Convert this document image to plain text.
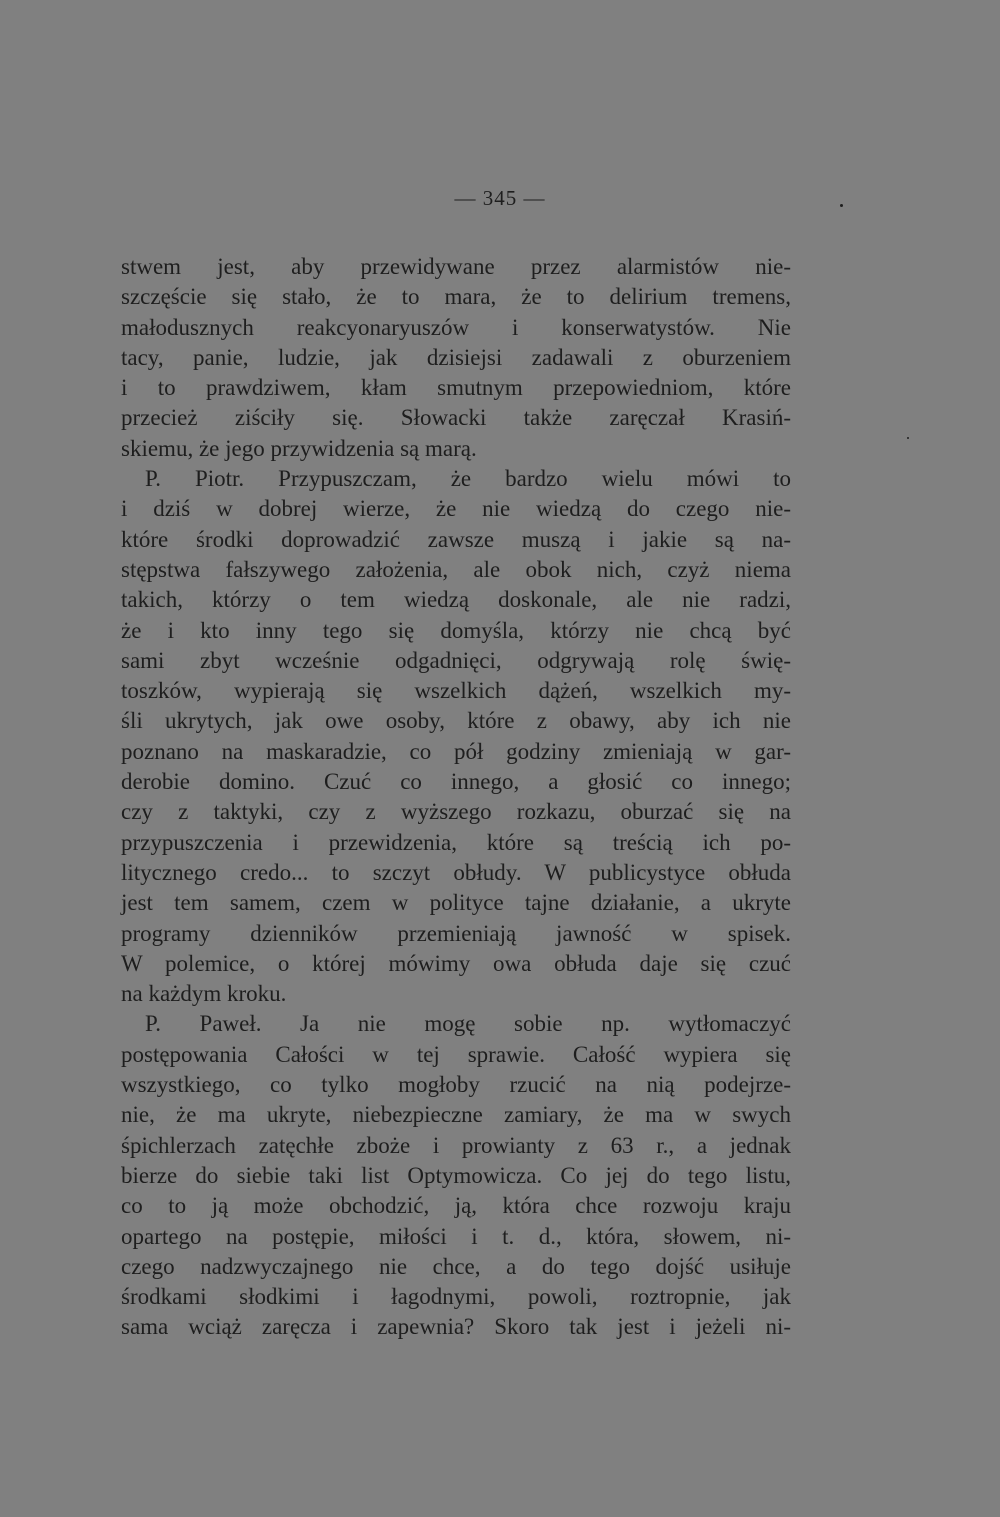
— 345 —
stwem jest, aby przewidywane przez alarmistów nie-
szczęście się stało, że to mara, że to delirium tremens,
małodusznych reakcyonaryuszów i konserwatystów. Nie
tacy, panie, ludzie, jak dzisiejsi zadawali z oburzeniem
i to prawdziwem, kłam smutnym przepowiedniom, które
przecież ziściły się. Słowacki także zaręczał Krasiń-
skiemu, że jego przywidzenia są marą.
P. Piotr. Przypuszczam, że bardzo wielu mówi to
i dziś w dobrej wierze, że nie wiedzą do czego nie-
które środki doprowadzić zawsze muszą i jakie są na-
stępstwa fałszywego założenia, ale obok nich, czyż niema
takich, którzy o tem wiedzą doskonale, ale nie radzi,
że i kto inny tego się domyśla, którzy nie chcą być
sami zbyt wcześnie odgadnięci, odgrywają rolę świę-
toszków, wypierają się wszelkich dążeń, wszelkich my-
śli ukrytych, jak owe osoby, które z obawy, aby ich nie
poznano na maskaradzie, co pół godziny zmieniają w gar-
derobie domino. Czuć co innego, a głosić co innego;
czy z taktyki, czy z wyższego rozkazu, oburzać się na
przypuszczenia i przewidzenia, które są treścią ich po-
litycznego credo... to szczyt obłudy. W publicystyce obłuda
jest tem samem, czem w polityce tajne działanie, a ukryte
programy dzienników przemieniają jawność w spisek.
W polemice, o której mówimy owa obłuda daje się czuć
na każdym kroku.
P. Paweł. Ja nie mogę sobie np. wytłomaczyć
postępowania Całości w tej sprawie. Całość wypiera się
wszystkiego, co tylko mogłoby rzucić na nią podejrze-
nie, że ma ukryte, niebezpieczne zamiary, że ma w swych
śpichlerzach zatęchłe zboże i prowianty z 63 r., a jednak
bierze do siebie taki list Optymowicza. Co jej do tego listu,
co to ją może obchodzić, ją, która chce rozwoju kraju
opartego na postępie, miłości i t. d., która, słowem, ni-
czego nadzwyczajnego nie chce, a do tego dojść usiłuje
środkami słodkimi i łagodnymi, powoli, roztropnie, jak
sama wciąż zaręcza i zapewnia? Skoro tak jest i jeżeli ni-
